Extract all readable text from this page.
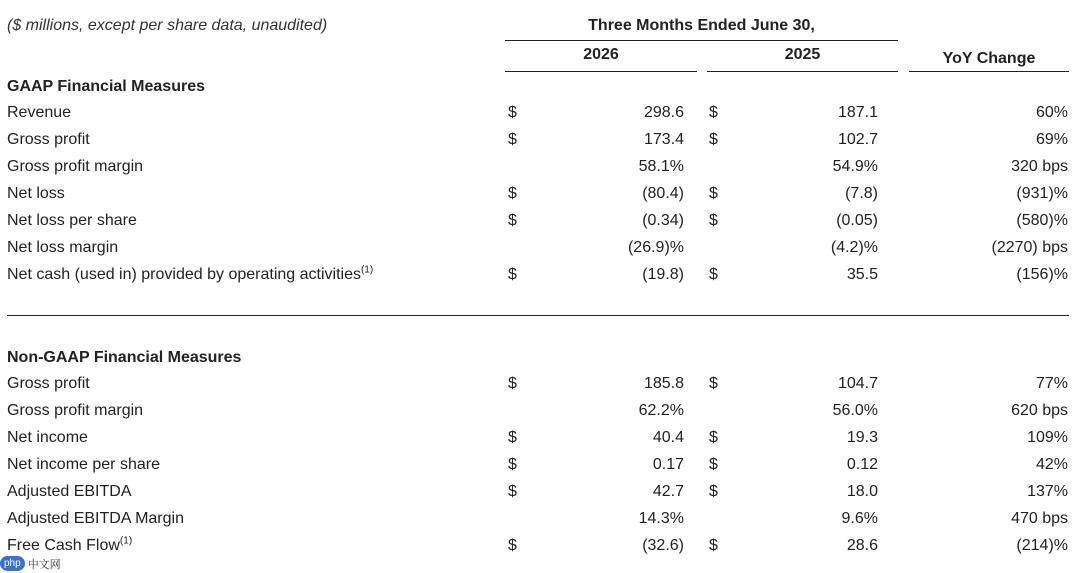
($ millions, except per share data, unaudited)	Three Months Ended June 30,
2026	2025	YoY Change
GAAP Financial Measures
Revenue	$	298.6 $	187.1	60%
Gross profit	$	173.4 $	102.7	69%
Gross profit margin	58.1%	54.9%	320 bps
Net loss	$	(80.4) $	(7.8)	(931)%
Net loss per share	$	(0.34) $	(0.05)	(580)%
Net loss margin	(26.9)%	(4.2)%	(2270) bps
Net cash (used in) provided by operating activities$^{(1)}$	$	(19.8) $	35.5	(156)%
Non-GAAP Financial Measures
Gross profit	$	185.8 $	104.7	77%
Gross profit margin	62.2%	56.0%	620 bps
Net income	$	40.4 $	19.3	109%
Net income per share	$	0.17 $	0.12	42%
Adjusted EBITDA	$	42.7 $	18.0	137%
Adjusted EBITDA Margin	14.3%	9.6%	470 bps
Free Cash Flow$^{(1)}$	$	(32.6) $	28.6	(214)%
php 中文网
